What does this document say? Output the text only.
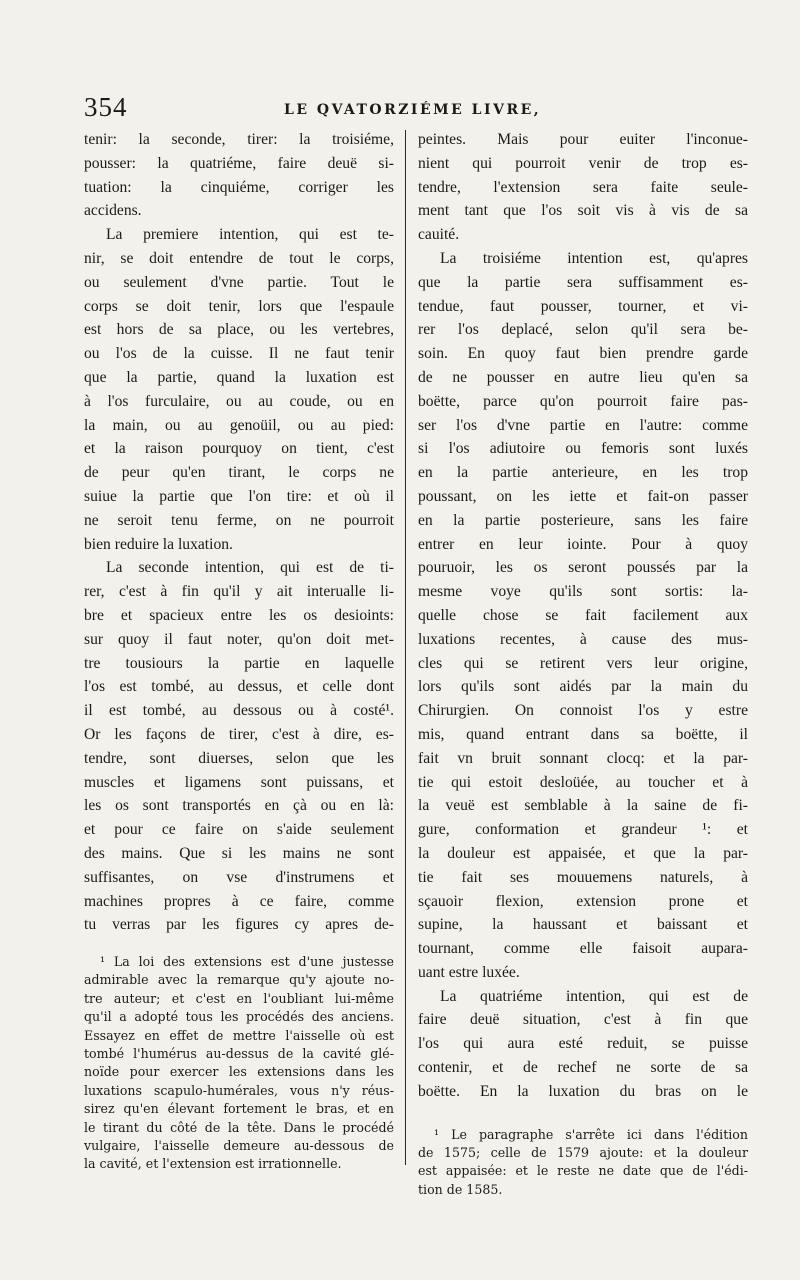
354	LE QVATORZIÉME LIVRE,
tenir: la seconde, tirer: la troisiéme,
pousser: la quatriéme, faire deuë si-
tuation: la cinquiéme, corriger les
accidens.
La premiere intention, qui est te-
nir, se doit entendre de tout le corps,
ou seulement d'vne partie. Tout le
corps se doit tenir, lors que l'espaule
est hors de sa place, ou les vertebres,
ou l'os de la cuisse. Il ne faut tenir
que la partie, quand la luxation est
à l'os furculaire, ou au coude, ou en
la main, ou au genoüil, ou au pied:
et la raison pourquoy on tient, c'est
de peur qu'en tirant, le corps ne
suiue la partie que l'on tire: et où il
ne seroit tenu ferme, on ne pourroit
bien reduire la luxation.
La seconde intention, qui est de ti-
rer, c'est à fin qu'il y ait interualle li-
bre et spacieux entre les os desioints:
sur quoy il faut noter, qu'on doit met-
tre tousiours la partie en laquelle
l'os est tombé, au dessus, et celle dont
il est tombé, au dessous ou à costé¹.
Or les façons de tirer, c'est à dire, es-
tendre, sont diuerses, selon que les
muscles et ligamens sont puissans, et
les os sont transportés en çà ou en là:
et pour ce faire on s'aide seulement
des mains. Que si les mains ne sont
suffisantes, on vse d'instrumens et
machines propres à ce faire, comme
tu verras par les figures cy apres de-
¹ La loi des extensions est d'une justesse
admirable avec la remarque qu'y ajoute no-
tre auteur; et c'est en l'oubliant lui-même
qu'il a adopté tous les procédés des anciens.
Essayez en effet de mettre l'aisselle où est
tombé l'humérus au-dessus de la cavité glé-
noïde pour exercer les extensions dans les
luxations scapulo-humérales, vous n'y réus-
sirez qu'en élevant fortement le bras, et en
le tirant du côté de la tête. Dans le procédé
vulgaire, l'aisselle demeure au-dessous de
la cavité, et l'extension est irrationnelle.
peintes. Mais pour euiter l'inconue-
nient qui pourroit venir de trop es-
tendre, l'extension sera faite seule-
ment tant que l'os soit vis à vis de sa
cauité.
La troisiéme intention est, qu'apres
que la partie sera suffisamment es-
tendue, faut pousser, tourner, et vi-
rer l'os deplacé, selon qu'il sera be-
soin. En quoy faut bien prendre garde
de ne pousser en autre lieu qu'en sa
boëtte, parce qu'on pourroit faire pas-
ser l'os d'vne partie en l'autre: comme
si l'os adiutoire ou femoris sont luxés
en la partie anterieure, en les trop
poussant, on les iette et fait-on passer
en la partie posterieure, sans les faire
entrer en leur iointe. Pour à quoy
pouruoir, les os seront poussés par la
mesme voye qu'ils sont sortis: la-
quelle chose se fait facilement aux
luxations recentes, à cause des mus-
cles qui se retirent vers leur origine,
lors qu'ils sont aidés par la main du
Chirurgien. On connoist l'os y estre
mis, quand entrant dans sa boëtte, il
fait vn bruit sonnant clocq: et la par-
tie qui estoit desloüée, au toucher et à
la veuë est semblable à la saine de fi-
gure, conformation et grandeur ¹: et
la douleur est appaisée, et que la par-
tie fait ses mouuemens naturels, à
sçauoir flexion, extension prone et
supine, la haussant et baissant et
tournant, comme elle faisoit aupara-
uant estre luxée.
La quatriéme intention, qui est de
faire deuë situation, c'est à fin que
l'os qui aura esté reduit, se puisse
contenir, et de rechef ne sorte de sa
boëtte. En la luxation du bras on le
¹ Le paragraphe s'arrête ici dans l'édition
de 1575; celle de 1579 ajoute: et la douleur
est appaisée: et le reste ne date que de l'édi-
tion de 1585.
